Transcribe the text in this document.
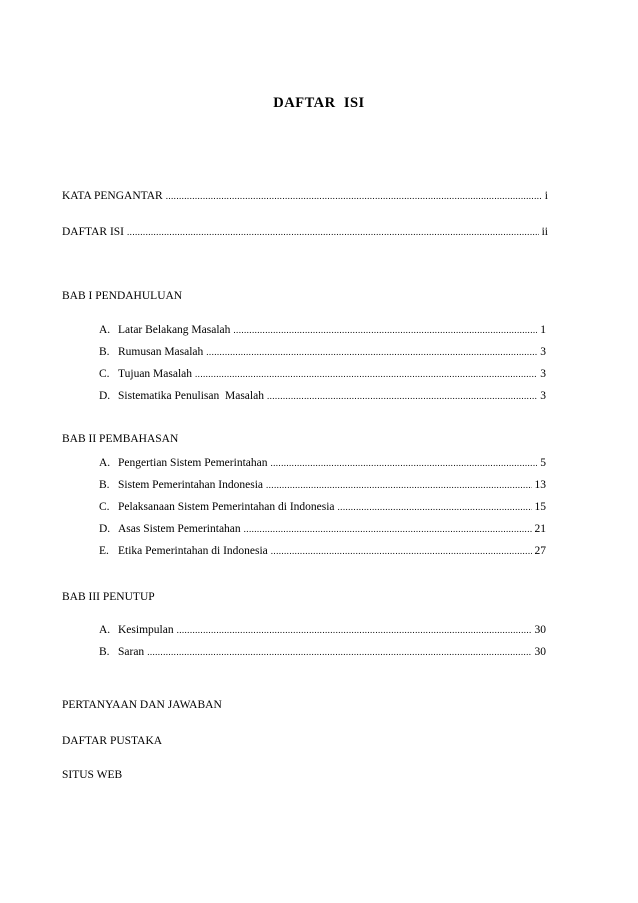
DAFTAR  ISI
KATA PENGANTAR .....	i
DAFTAR ISI .....	ii
BAB I PENDAHULUAN
A. Latar Belakang Masalah .....	1
B. Rumusan Masalah .....	3
C. Tujuan Masalah .....	3
D. Sistematika Penulisan  Masalah .....	3
BAB II PEMBAHASAN
A. Pengertian Sistem Pemerintahan .....	5
B. Sistem Pemerintahan Indonesia .....	13
C. Pelaksanaan Sistem Pemerintahan di Indonesia .....	15
D. Asas Sistem Pemerintahan .....	21
E. Etika Pemerintahan di Indonesia .....	27
BAB III PENUTUP
A. Kesimpulan .....	30
B. Saran .....	30
PERTANYAAN DAN JAWABAN
DAFTAR PUSTAKA
SITUS WEB
